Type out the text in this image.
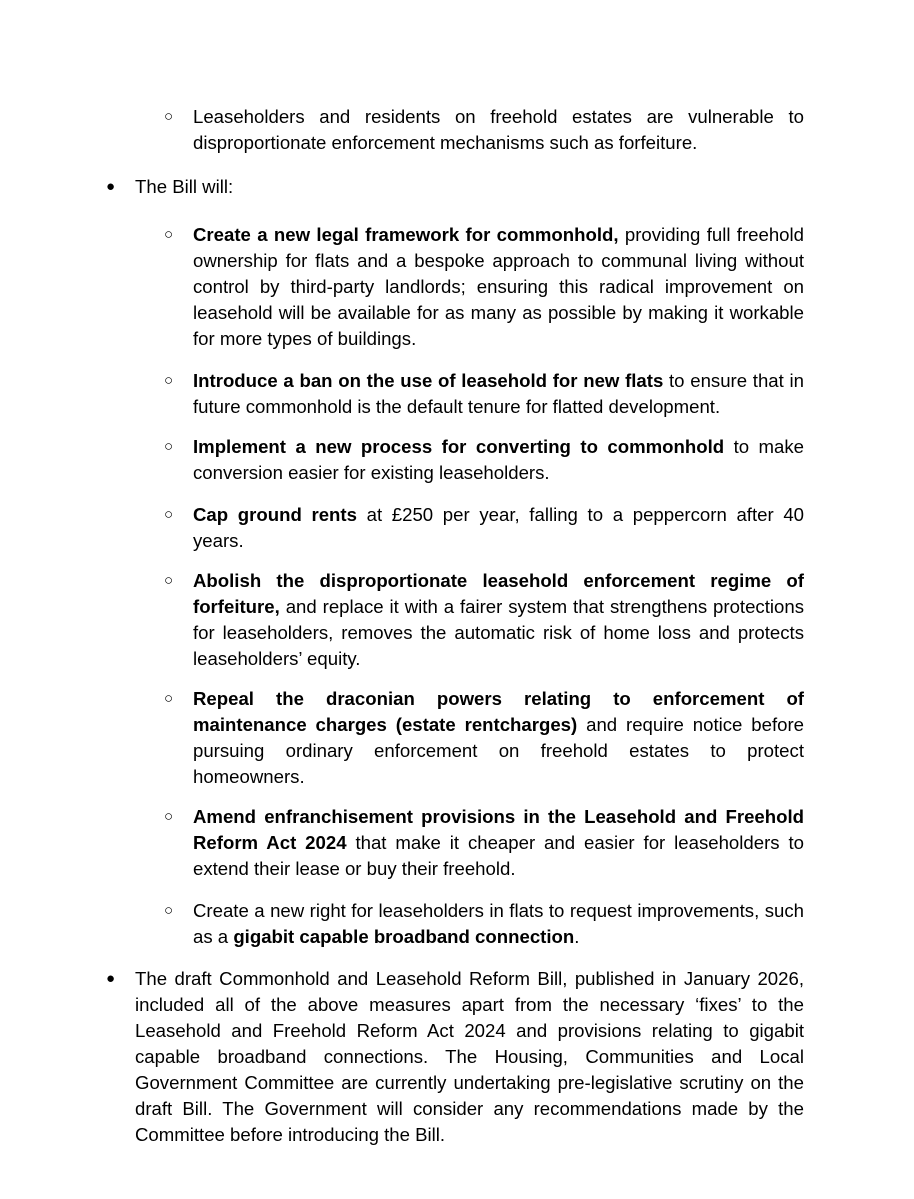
○ Leaseholders and residents on freehold estates are vulnerable to disproportionate enforcement mechanisms such as forfeiture.
● The Bill will:
○ Create a new legal framework for commonhold, providing full freehold ownership for flats and a bespoke approach to communal living without control by third-party landlords; ensuring this radical improvement on leasehold will be available for as many as possible by making it workable for more types of buildings.
○ Introduce a ban on the use of leasehold for new flats to ensure that in future commonhold is the default tenure for flatted development.
○ Implement a new process for converting to commonhold to make conversion easier for existing leaseholders.
○ Cap ground rents at £250 per year, falling to a peppercorn after 40 years.
○ Abolish the disproportionate leasehold enforcement regime of forfeiture, and replace it with a fairer system that strengthens protections for leaseholders, removes the automatic risk of home loss and protects leaseholders’ equity.
○ Repeal the draconian powers relating to enforcement of maintenance charges (estate rentcharges) and require notice before pursuing ordinary enforcement on freehold estates to protect homeowners.
○ Amend enfranchisement provisions in the Leasehold and Freehold Reform Act 2024 that make it cheaper and easier for leaseholders to extend their lease or buy their freehold.
○ Create a new right for leaseholders in flats to request improvements, such as a gigabit capable broadband connection.
● The draft Commonhold and Leasehold Reform Bill, published in January 2026, included all of the above measures apart from the necessary ‘fixes’ to the Leasehold and Freehold Reform Act 2024 and provisions relating to gigabit capable broadband connections. The Housing, Communities and Local Government Committee are currently undertaking pre-legislative scrutiny on the draft Bill. The Government will consider any recommendations made by the Committee before introducing the Bill.
